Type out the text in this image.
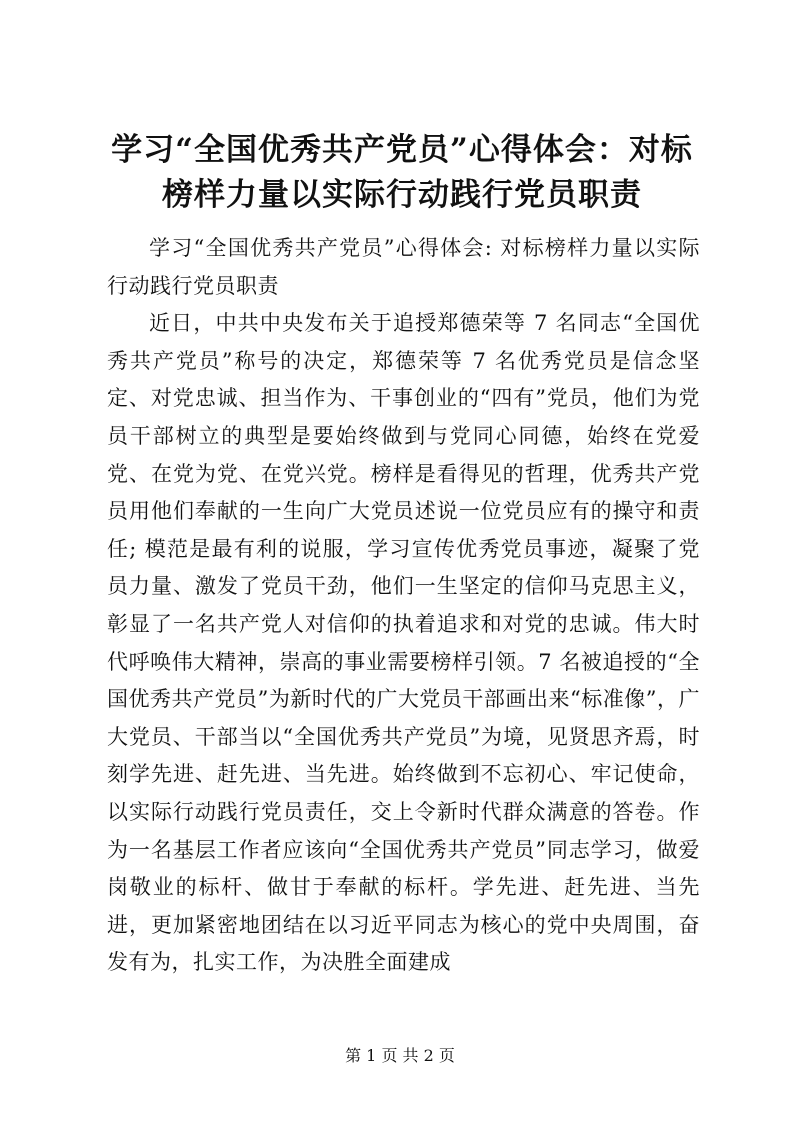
学习“全国优秀共产党员”心得体会：对标榜样力量以实际行动践行党员职责

学习“全国优秀共产党员”心得体会: 对标榜样力量以实际行动践行党员职责

近日，中共中央发布关于追授郑德荣等 7 名同志“全国优秀共产党员”称号的决定，郑德荣等 7 名优秀党员是信念坚定、对党忠诚、担当作为、干事创业的“四有”党员，他们为党员干部树立的典型是要始终做到与党同心同德，始终在党爱党、在党为党、在党兴党。榜样是看得见的哲理，优秀共产党员用他们奉献的一生向广大党员述说一位党员应有的操守和责任; 模范是最有利的说服，学习宣传优秀党员事迹，凝聚了党员力量、激发了党员干劲，他们一生坚定的信仰马克思主义，彰显了一名共产党人对信仰的执着追求和对党的忠诚。伟大时代呼唤伟大精神，崇高的事业需要榜样引领。7 名被追授的“全国优秀共产党员”为新时代的广大党员干部画出来“标准像”，广大党员、干部当以“全国优秀共产党员”为境，见贤思齐焉，时刻学先进、赶先进、当先进。始终做到不忘初心、牢记使命，以实际行动践行党员责任，交上令新时代群众满意的答卷。作为一名基层工作者应该向“全国优秀共产党员”同志学习，做爱岗敬业的标杆、做甘于奉献的标杆。学先进、赶先进、当先进，更加紧密地团结在以习近平同志为核心的党中央周围，奋发有为，扎实工作，为决胜全面建成

第 1 页 共 2 页
